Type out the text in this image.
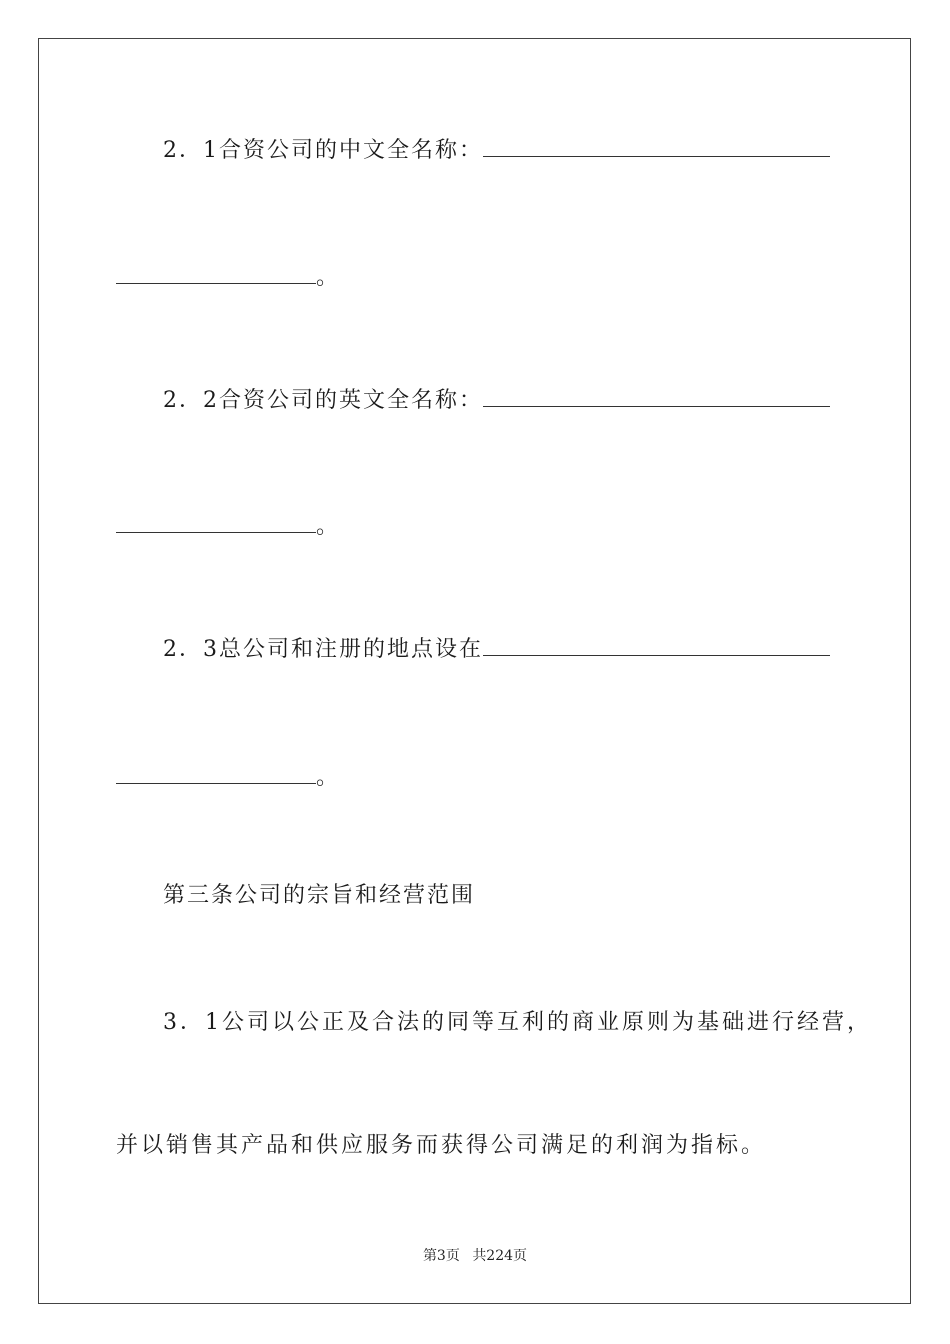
2．1合资公司的中文全名称：
。
2．2合资公司的英文全名称：
。
2．3总公司和注册的地点设在
。
第三条公司的宗旨和经营范围
3．1公司以公正及合法的同等互利的商业原则为基础进行经营，
并以销售其产品和供应服务而获得公司满足的利润为指标。
第3页 共224页
